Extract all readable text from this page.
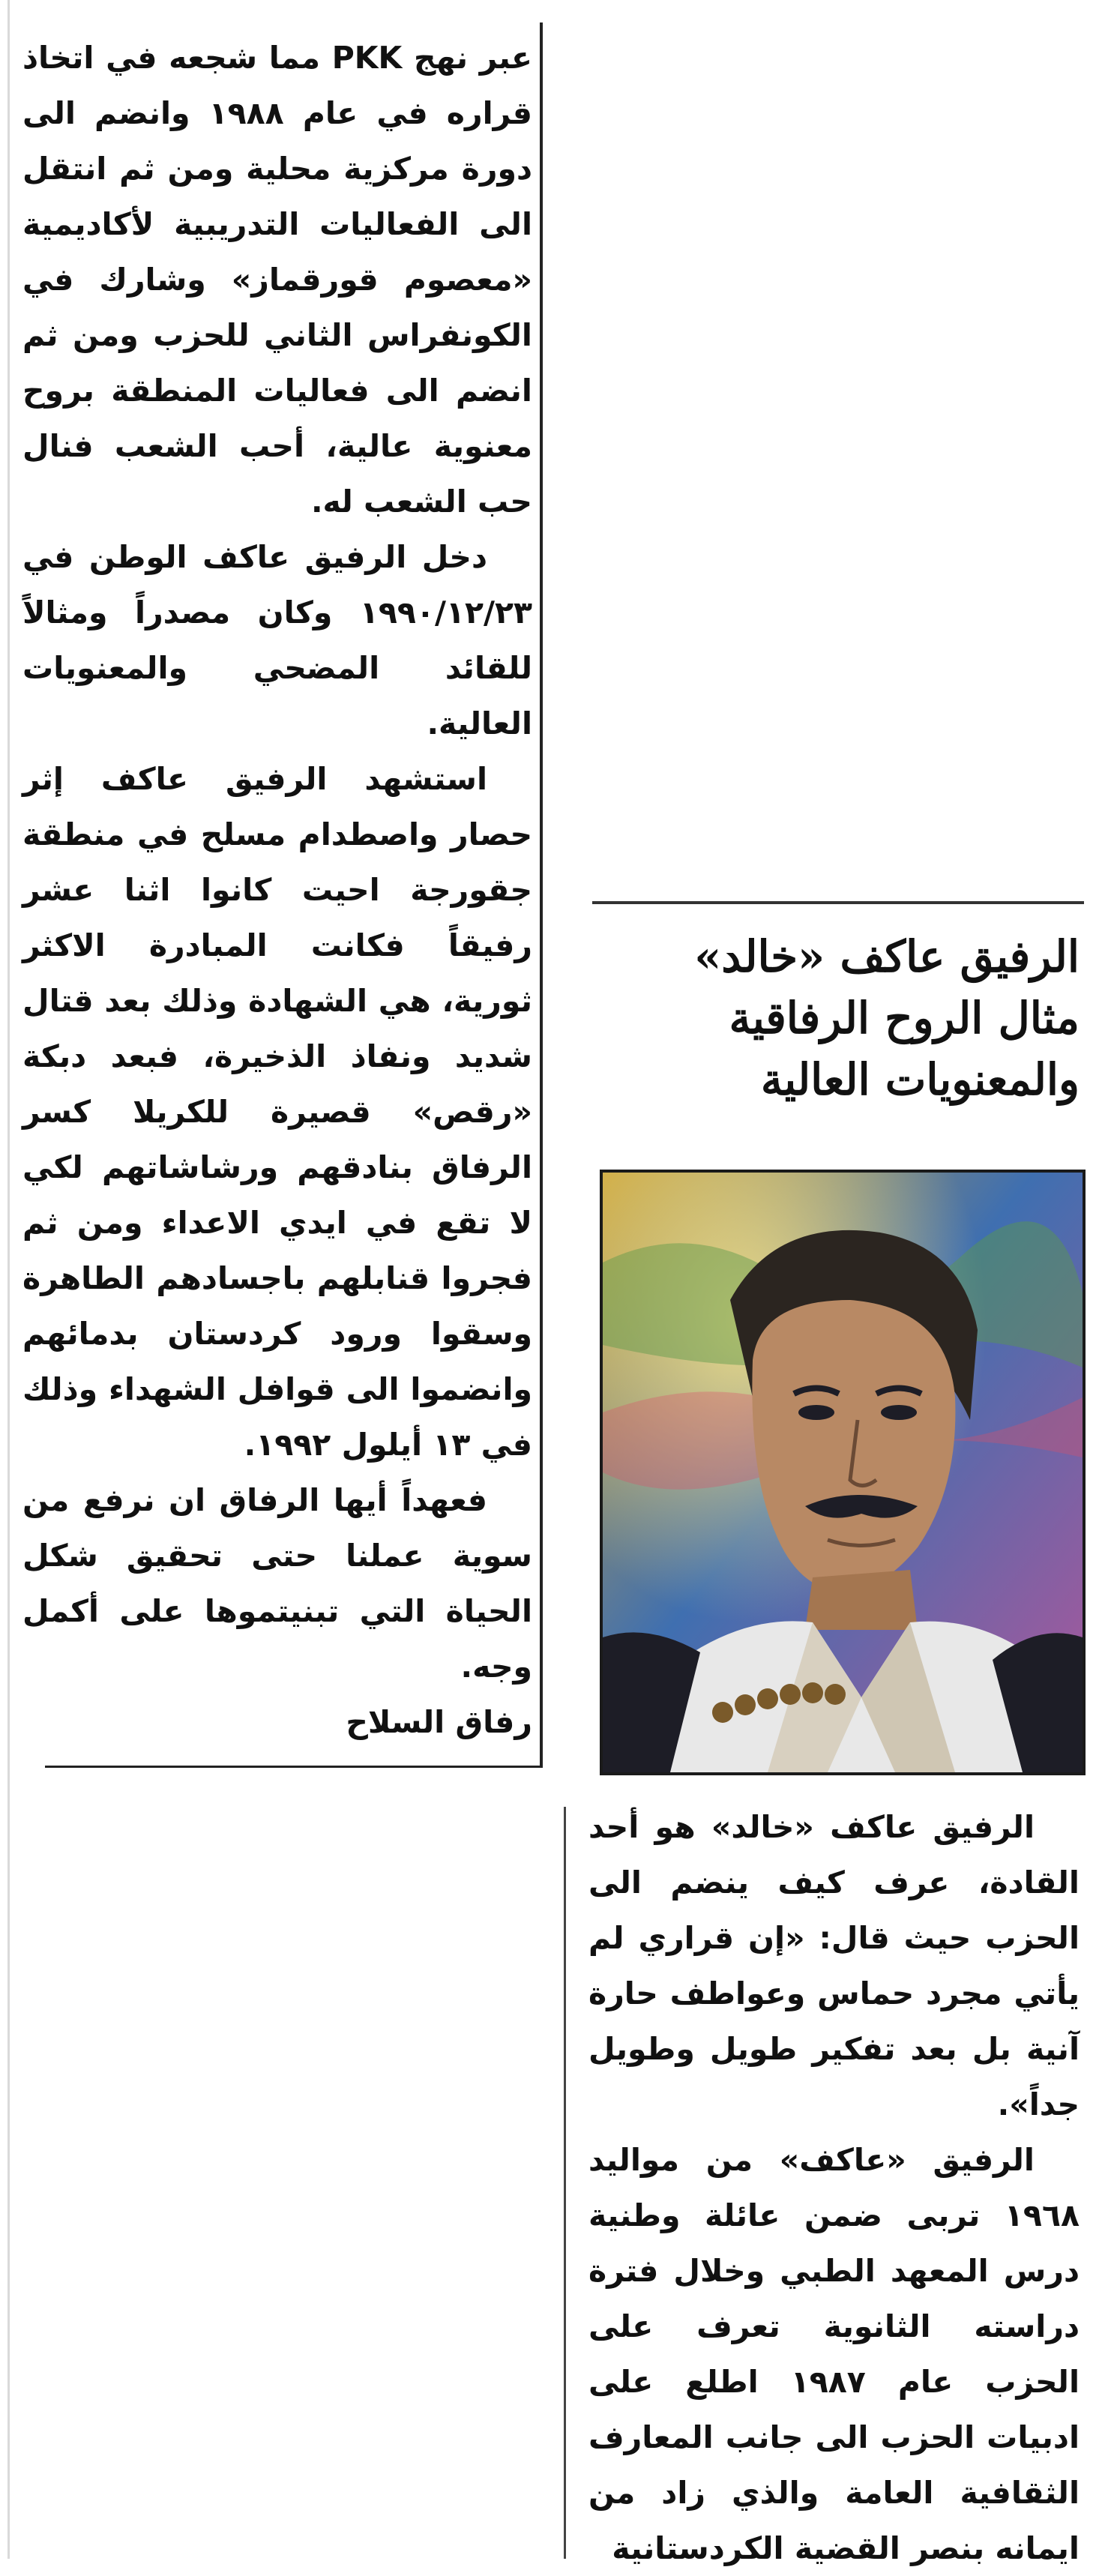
عبر نهج PKK مما شجعه في اتخاذ قراره في عام ١٩٨٨ وانضم الى دورة مركزية محلية ومن ثم انتقل الى الفعاليات التدريبية لأكاديمية «معصوم قورقماز» وشارك في الكونفراس الثاني للحزب ومن ثم انضم الى فعاليات المنطقة بروح معنوية عالية، أحب الشعب فنال حب الشعب له.

دخل الرفيق عاكف الوطن في ١٩٩٠/١٢/٢٣ وكان مصدراً ومثالاً للقائد المضحي والمعنويات العالية.

استشهد الرفيق عاكف إثر حصار واصطدام مسلح في منطقة جقورجة احيت كانوا اثنا عشر رفيقاً فكانت المبادرة الاكثر ثورية، هي الشهادة وذلك بعد قتال شديد ونفاذ الذخيرة، فبعد دبكة «رقص» قصيرة للكريلا كسر الرفاق بنادقهم ورشاشاتهم لكي لا تقع في ايدي الاعداء ومن ثم فجروا قنابلهم باجسادهم الطاهرة وسقوا ورود كردستان بدمائهم وانضموا الى قوافل الشهداء وذلك في ١٣ أيلول ١٩٩٢.

فعهداً أيها الرفاق ان نرفع من سوية عملنا حتى تحقيق شكل الحياة التي تبنيتموها على أكمل وجه.

رفاق السلاح

الرفيق عاكف «خالد»
مثال الروح الرفاقية
والمعنويات العالية

الرفيق عاكف «خالد» هو أحد القادة، عرف كيف ينضم الى الحزب حيث قال: «إن قراري لم يأتي مجرد حماس وعواطف حارة آنية بل بعد تفكير طويل وطويل جداً».

الرفيق «عاكف» من مواليد ١٩٦٨ تربى ضمن عائلة وطنية درس المعهد الطبي وخلال فترة دراسته الثانوية تعرف على الحزب عام ١٩٨٧ اطلع على ادبيات الحزب الى جانب المعارف الثقافية العامة والذي زاد من ايمانه بنصر القضية الكردستانية
